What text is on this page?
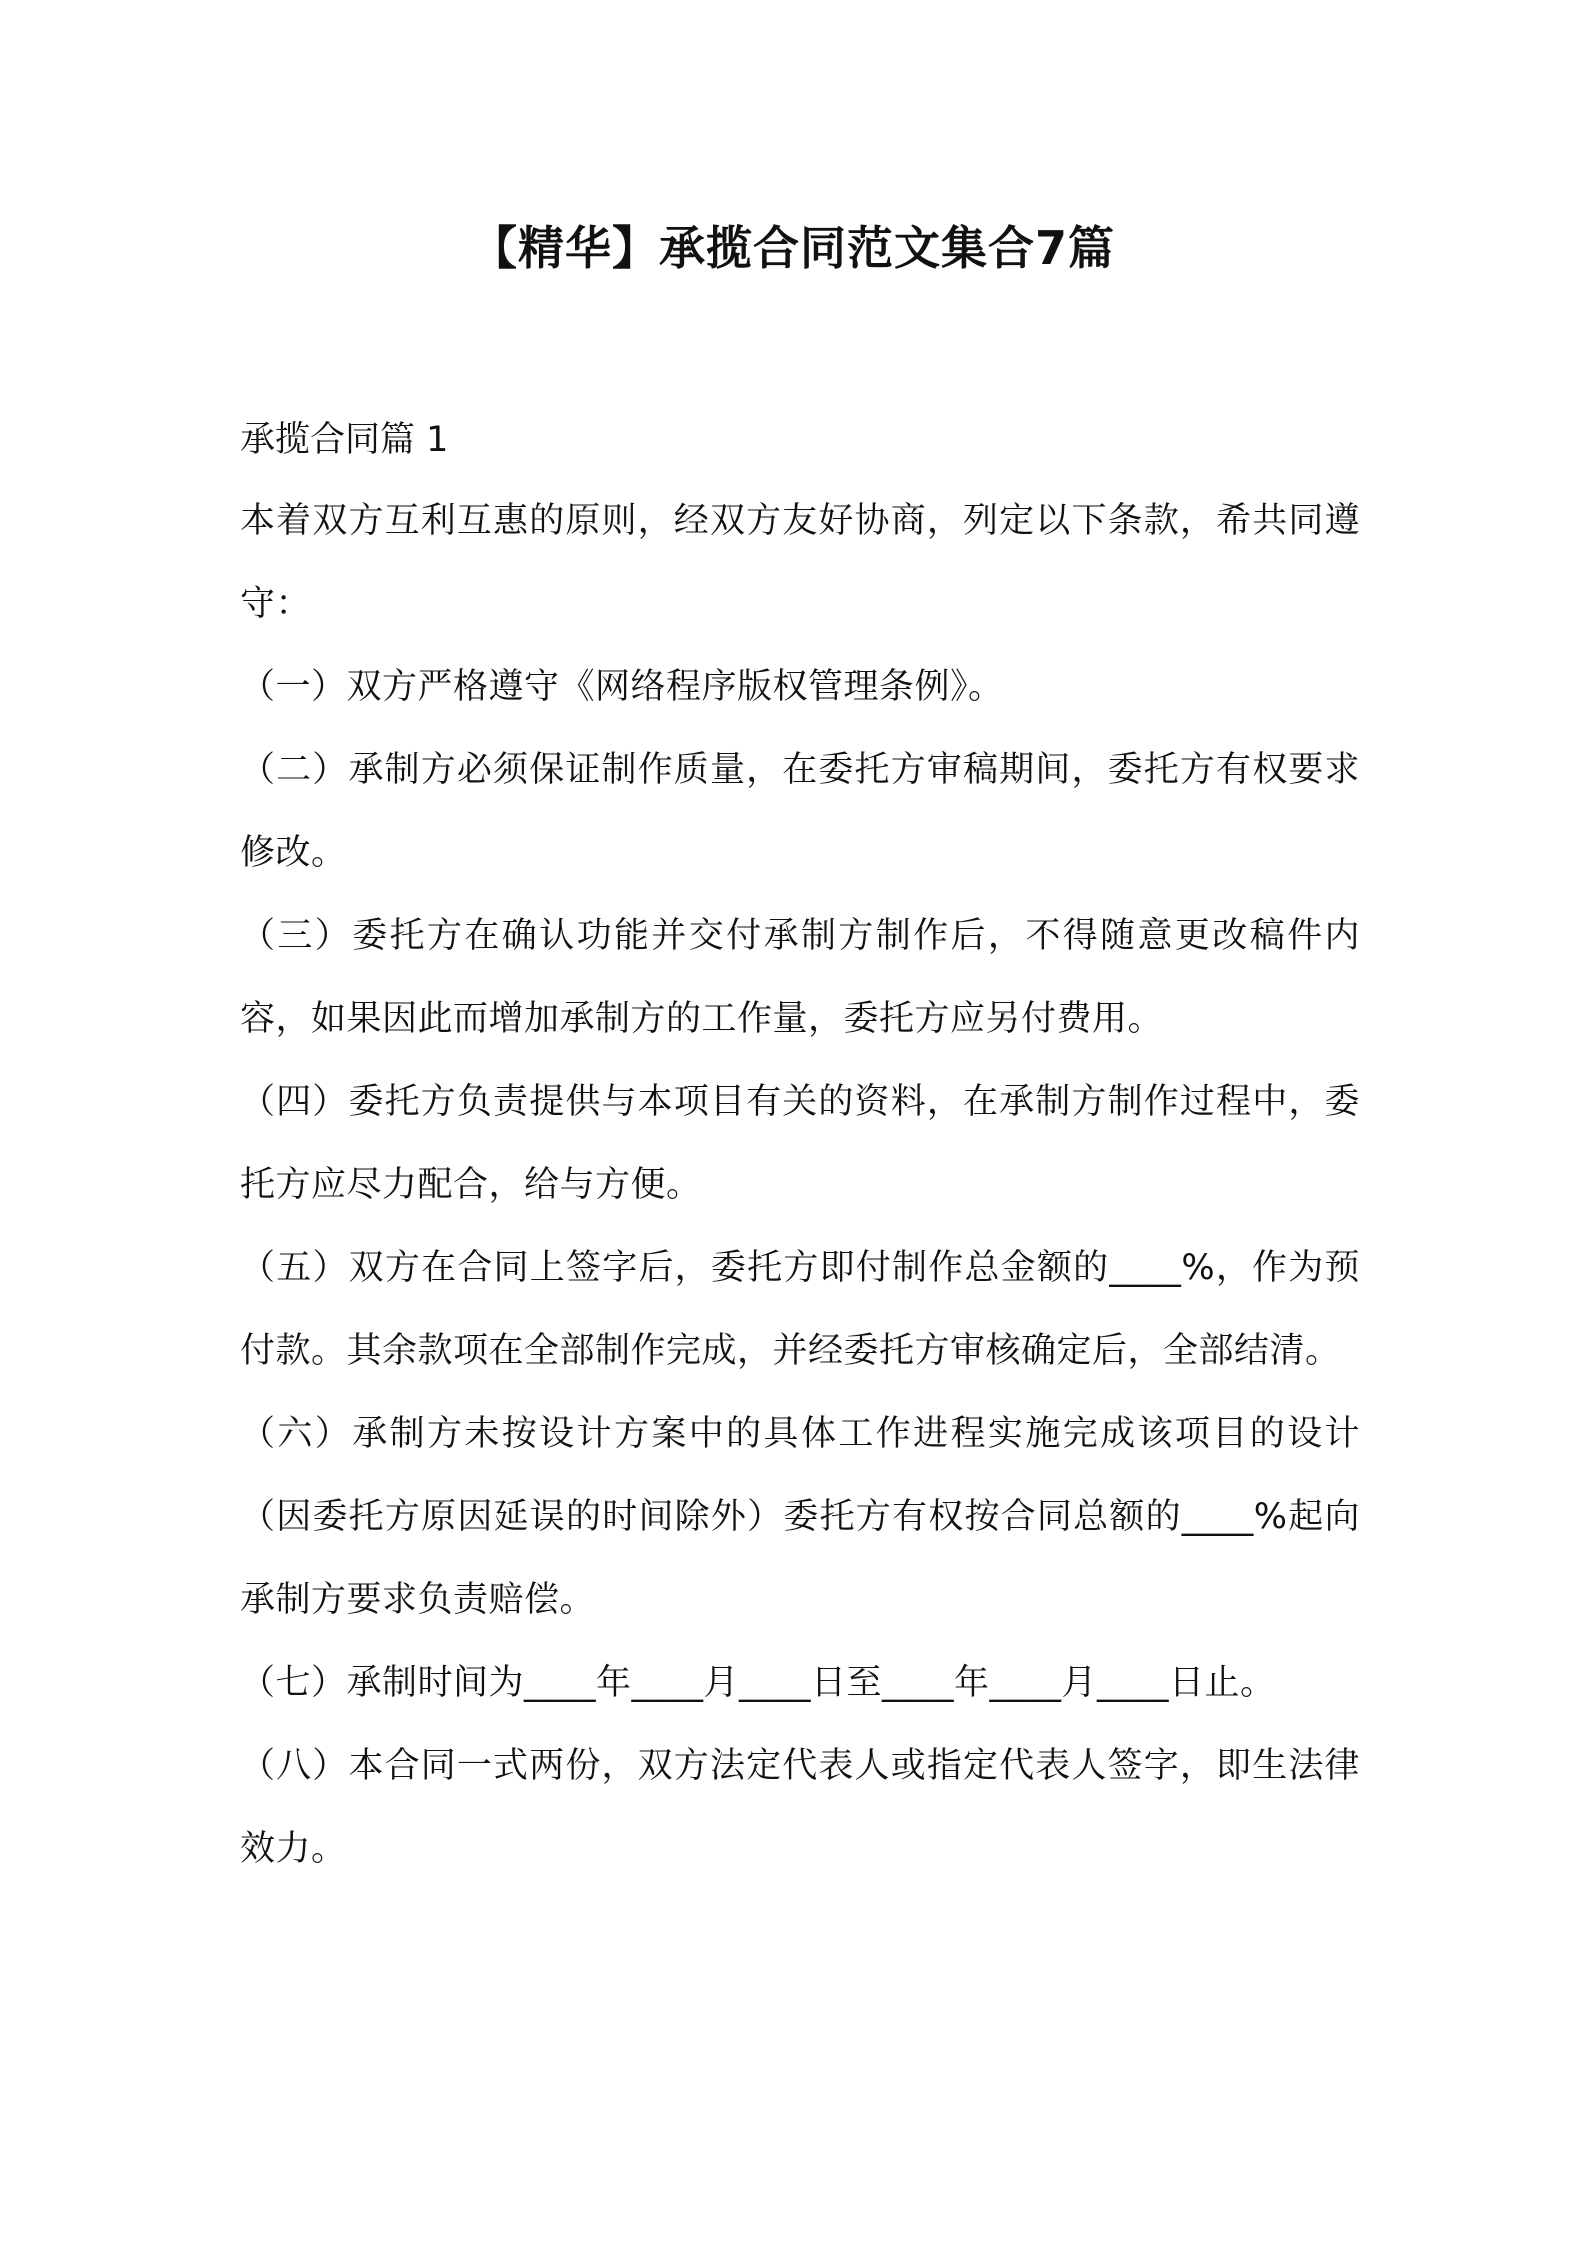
【精华】承揽合同范文集合7篇

承揽合同篇 1

本着双方互利互惠的原则，经双方友好协商，列定以下条款，希共同遵守：

（一）双方严格遵守《网络程序版权管理条例》。

（二）承制方必须保证制作质量，在委托方审稿期间，委托方有权要求修改。

（三）委托方在确认功能并交付承制方制作后，不得随意更改稿件内容，如果因此而增加承制方的工作量，委托方应另付费用。

（四）委托方负责提供与本项目有关的资料，在承制方制作过程中，委托方应尽力配合，给与方便。

（五）双方在合同上签字后，委托方即付制作总金额的____%，作为预付款。其余款项在全部制作完成，并经委托方审核确定后，全部结清。

（六）承制方未按设计方案中的具体工作进程实施完成该项目的设计（因委托方原因延误的时间除外）委托方有权按合同总额的____%起向承制方要求负责赔偿。

（七）承制时间为____年____月____日至____年____月____日止。

（八）本合同一式两份，双方法定代表人或指定代表人签字，即生法律效力。
